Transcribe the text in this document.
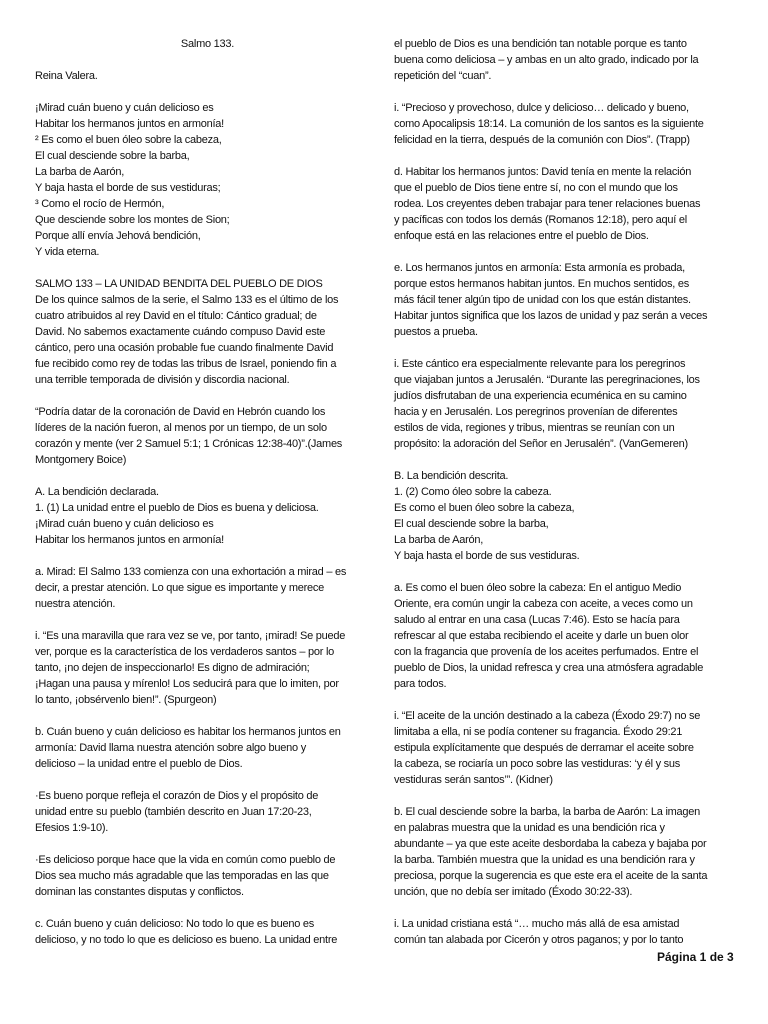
Salmo 133.
Reina Valera.
¡Mirad cuán bueno y cuán delicioso es
Habitar los hermanos juntos en armonía!
² Es como el buen óleo sobre la cabeza,
El cual desciende sobre la barba,
La barba de Aarón,
Y baja hasta el borde de sus vestiduras;
³ Como el rocío de Hermón,
Que desciende sobre los montes de Sion;
Porque allí envía Jehová bendición,
Y vida eterna.
SALMO 133 – LA UNIDAD BENDITA DEL PUEBLO DE DIOS
De los quince salmos de la serie, el Salmo 133 es el último de los
cuatro atribuidos al rey David en el título: Cántico gradual; de
David. No sabemos exactamente cuándo compuso David este
cántico, pero una ocasión probable fue cuando finalmente David
fue recibido como rey de todas las tribus de Israel, poniendo fin a
una terrible temporada de división y discordia nacional.
“Podría datar de la coronación de David en Hebrón cuando los
líderes de la nación fueron, al menos por un tiempo, de un solo
corazón y mente (ver 2 Samuel 5:1; 1 Crónicas 12:38-40)”.(James
Montgomery Boice)
A. La bendición declarada.
1. (1) La unidad entre el pueblo de Dios es buena y deliciosa.
¡Mirad cuán bueno y cuán delicioso es
Habitar los hermanos juntos en armonía!
a. Mirad: El Salmo 133 comienza con una exhortación a mirad – es
decir, a prestar atención. Lo que sigue es importante y merece
nuestra atención.
i. “Es una maravilla que rara vez se ve, por tanto, ¡mirad! Se puede
ver, porque es la característica de los verdaderos santos – por lo
tanto, ¡no dejen de inspeccionarlo! Es digno de admiración;
¡Hagan una pausa y mírenlo! Los seducirá para que lo imiten, por
lo tanto, ¡obsérvenlo bien!”. (Spurgeon)
b. Cuán bueno y cuán delicioso es habitar los hermanos juntos en
armonía: David llama nuestra atención sobre algo bueno y
delicioso – la unidad entre el pueblo de Dios.
·Es bueno porque refleja el corazón de Dios y el propósito de
unidad entre su pueblo (también descrito en Juan 17:20-23,
Efesios 1:9-10).
·Es delicioso porque hace que la vida en común como pueblo de
Dios sea mucho más agradable que las temporadas en las que
dominan las constantes disputas y conflictos.
c. Cuán bueno y cuán delicioso: No todo lo que es bueno es
delicioso, y no todo lo que es delicioso es bueno. La unidad entre
el pueblo de Dios es una bendición tan notable porque es tanto
buena como deliciosa – y ambas en un alto grado, indicado por la
repetición del “cuan”.
i. “Precioso y provechoso, dulce y delicioso… delicado y bueno,
como Apocalipsis 18:14. La comunión de los santos es la siguiente
felicidad en la tierra, después de la comunión con Dios”. (Trapp)
d. Habitar los hermanos juntos: David tenía en mente la relación
que el pueblo de Dios tiene entre sí, no con el mundo que los
rodea. Los creyentes deben trabajar para tener relaciones buenas
y pacíficas con todos los demás (Romanos 12:18), pero aquí el
enfoque está en las relaciones entre el pueblo de Dios.
e. Los hermanos juntos en armonía: Esta armonía es probada,
porque estos hermanos habitan juntos. En muchos sentidos, es
más fácil tener algún tipo de unidad con los que están distantes.
Habitar juntos significa que los lazos de unidad y paz serán a veces
puestos a prueba.
i. Este cántico era especialmente relevante para los peregrinos
que viajaban juntos a Jerusalén. “Durante las peregrinaciones, los
judíos disfrutaban de una experiencia ecuménica en su camino
hacia y en Jerusalén. Los peregrinos provenían de diferentes
estilos de vida, regiones y tribus, mientras se reunían con un
propósito: la adoración del Señor en Jerusalén”. (VanGemeren)
B. La bendición descrita.
1. (2) Como óleo sobre la cabeza.
Es como el buen óleo sobre la cabeza,
El cual desciende sobre la barba,
La barba de Aarón,
Y baja hasta el borde de sus vestiduras.
a. Es como el buen óleo sobre la cabeza: En el antiguo Medio
Oriente, era común ungir la cabeza con aceite, a veces como un
saludo al entrar en una casa (Lucas 7:46). Esto se hacía para
refrescar al que estaba recibiendo el aceite y darle un buen olor
con la fragancia que provenía de los aceites perfumados. Entre el
pueblo de Dios, la unidad refresca y crea una atmósfera agradable
para todos.
i. “El aceite de la unción destinado a la cabeza (Éxodo 29:7) no se
limitaba a ella, ni se podía contener su fragancia. Éxodo 29:21
estipula explícitamente que después de derramar el aceite sobre
la cabeza, se rociaría un poco sobre las vestiduras: ‘y él y sus
vestiduras serán santos’”. (Kidner)
b. El cual desciende sobre la barba, la barba de Aarón: La imagen
en palabras muestra que la unidad es una bendición rica y
abundante – ya que este aceite desbordaba la cabeza y bajaba por
la barba. También muestra que la unidad es una bendición rara y
preciosa, porque la sugerencia es que este era el aceite de la santa
unción, que no debía ser imitado (Éxodo 30:22-33).
i. La unidad cristiana está “… mucho más allá de esa amistad
común tan alabada por Cicerón y otros paganos; y por lo tanto
Página 1 de 3
